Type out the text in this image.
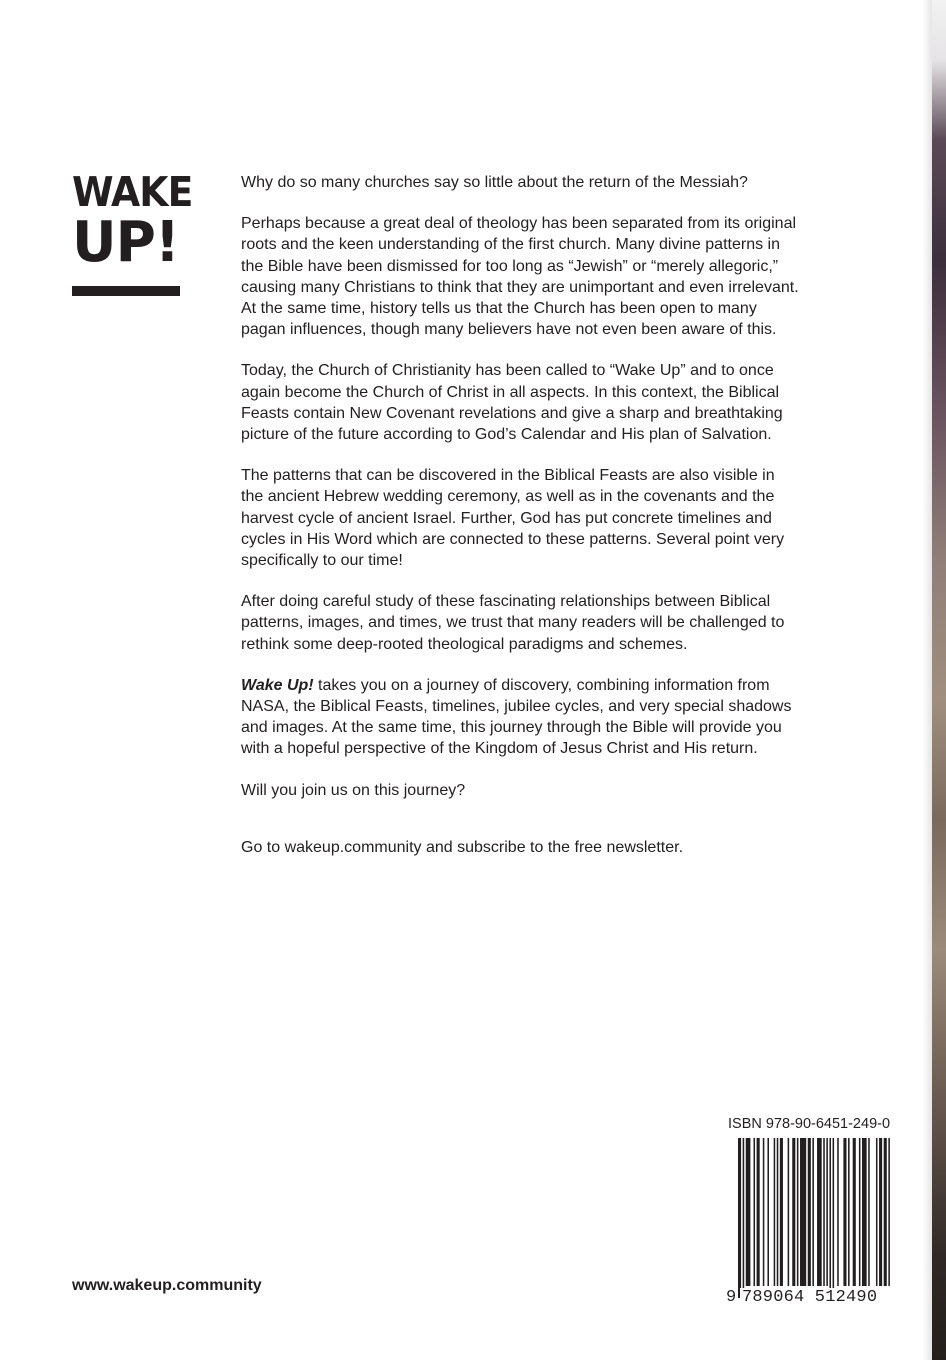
WAKE
UP!

Why do so many churches say so little about the return of the Messiah?

Perhaps because a great deal of theology has been separated from its original roots and the keen understanding of the first church. Many divine patterns in the Bible have been dismissed for too long as “Jewish” or “merely allegoric,” causing many Christians to think that they are unimportant and even irrelevant. At the same time, history tells us that the Church has been open to many pagan influences, though many believers have not even been aware of this.

Today, the Church of Christianity has been called to “Wake Up” and to once again become the Church of Christ in all aspects. In this context, the Biblical Feasts contain New Covenant revelations and give a sharp and breathtaking picture of the future according to God’s Calendar and His plan of Salvation.

The patterns that can be discovered in the Biblical Feasts are also visible in the ancient Hebrew wedding ceremony, as well as in the covenants and the harvest cycle of ancient Israel. Further, God has put concrete timelines and cycles in His Word which are connected to these patterns. Several point very specifically to our time!

After doing careful study of these fascinating relationships between Biblical patterns, images, and times, we trust that many readers will be challenged to rethink some deep-rooted theological paradigms and schemes.

Wake Up! takes you on a journey of discovery, combining information from NASA, the Biblical Feasts, timelines, jubilee cycles, and very special shadows and images. At the same time, this journey through the Bible will provide you with a hopeful perspective of the Kingdom of Jesus Christ and His return.

Will you join us on this journey?

Go to wakeup.community and subscribe to the free newsletter.

www.wakeup.community
ISBN 978-90-6451-249-0
9 789064 512490
